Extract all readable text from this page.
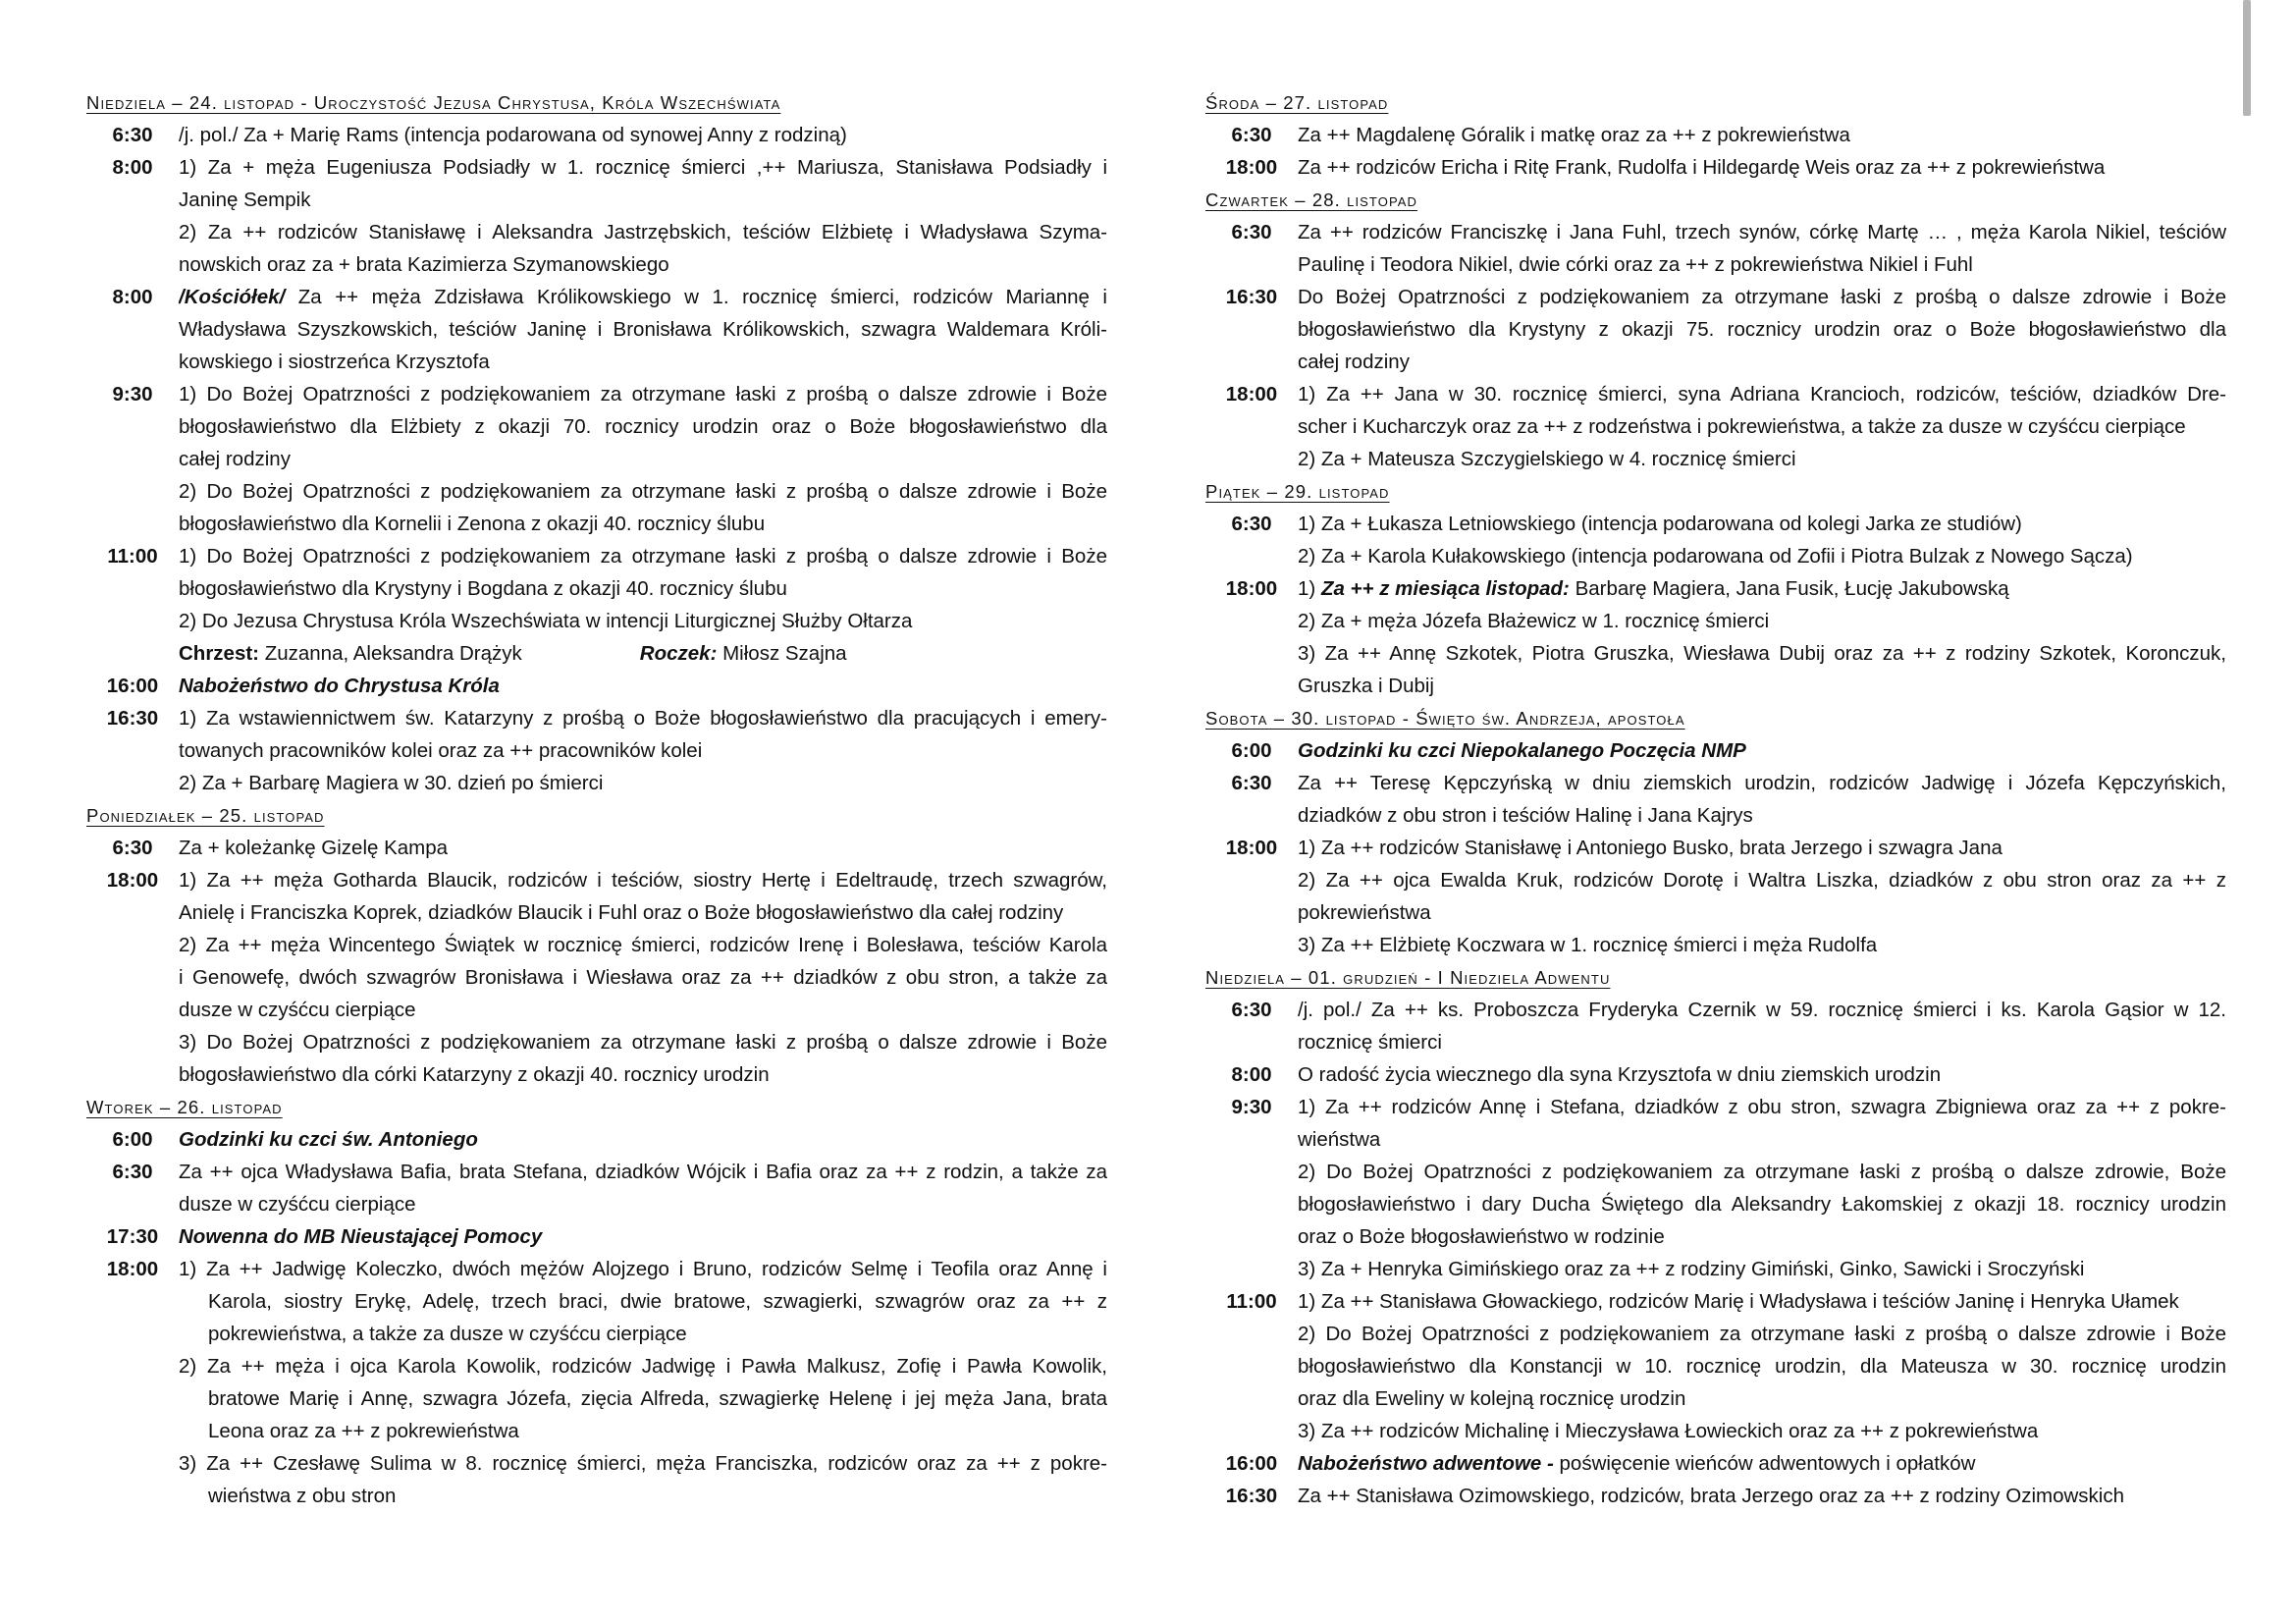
Niedziela – 24. listopad - Uroczystość Jezusa Chrystusa, Króla Wszechświata
6:30	/j. pol./ Za + Marię Rams (intencja podarowana od synowej Anny z rodziną)
8:00	1) Za + męża Eugeniusza Podsiadły w 1. rocznicę śmierci ,++ Mariusza, Stanisława Podsiadły i
Janinę Sempik
2) Za ++ rodziców Stanisławę i Aleksandra Jastrzębskich, teściów Elżbietę i Władysława Szyma-
nowskich oraz za + brata Kazimierza Szymanowskiego
8:00	/Kościółek/ Za ++ męża Zdzisława Królikowskiego w 1. rocznicę śmierci, rodziców Mariannę i
Władysława Szyszkowskich, teściów Janinę i Bronisława Królikowskich, szwagra Waldemara Króli-
kowskiego i siostrzeńca Krzysztofa
9:30	1) Do Bożej Opatrzności z podziękowaniem za otrzymane łaski z prośbą o dalsze zdrowie i Boże
błogosławieństwo dla Elżbiety z okazji 70. rocznicy urodzin oraz o Boże błogosławieństwo dla
całej rodziny
2) Do Bożej Opatrzności z podziękowaniem za otrzymane łaski z prośbą o dalsze zdrowie i Boże
błogosławieństwo dla Kornelii i Zenona z okazji 40. rocznicy ślubu
11:00	1) Do Bożej Opatrzności z podziękowaniem za otrzymane łaski z prośbą o dalsze zdrowie i Boże
błogosławieństwo dla Krystyny i Bogdana z okazji 40. rocznicy ślubu
2) Do Jezusa Chrystusa Króla Wszechświata w intencji Liturgicznej Służby Ołtarza
Chrzest: Zuzanna, Aleksandra Drążyk	Roczek: Miłosz Szajna
16:00	Nabożeństwo do Chrystusa Króla
16:30	1) Za wstawiennictwem św. Katarzyny z prośbą o Boże błogosławieństwo dla pracujących i emery-
towanych pracowników kolei oraz za ++ pracowników kolei
2) Za + Barbarę Magiera w 30. dzień po śmierci
Poniedziałek – 25. listopad
6:30	Za + koleżankę Gizelę Kampa
18:00	1) Za ++ męża Gotharda Blaucik, rodziców i teściów, siostry Hertę i Edeltraudę, trzech szwagrów,
Anielę i Franciszka Koprek, dziadków Blaucik i Fuhl oraz o Boże błogosławieństwo dla całej rodziny
2) Za ++ męża Wincentego Świątek w rocznicę śmierci, rodziców Irenę i Bolesława, teściów Karola
i Genowefę, dwóch szwagrów Bronisława i Wiesława oraz za ++ dziadków z obu stron, a także za
dusze w czyśćcu cierpiące
3) Do Bożej Opatrzności z podziękowaniem za otrzymane łaski z prośbą o dalsze zdrowie i Boże
błogosławieństwo dla córki Katarzyny z okazji 40. rocznicy urodzin
Wtorek – 26. listopad
6:00	Godzinki ku czci św. Antoniego
6:30	Za ++ ojca Władysława Bafia, brata Stefana, dziadków Wójcik i Bafia oraz za ++ z rodzin, a także za
dusze w czyśćcu cierpiące
17:30	Nowenna do MB Nieustającej Pomocy
18:00	1) Za ++ Jadwigę Koleczko, dwóch mężów Alojzego i Bruno, rodziców Selmę i Teofila oraz Annę i
Karola, siostry Erykę, Adelę, trzech braci, dwie bratowe, szwagierki, szwagrów oraz za ++ z
pokrewieństwa, a także za dusze w czyśćcu cierpiące
2) Za ++ męża i ojca Karola Kowolik, rodziców Jadwigę i Pawła Malkusz, Zofię i Pawła Kowolik,
bratowe Marię i Annę, szwagra Józefa, zięcia Alfreda, szwagierkę Helenę i jej męża Jana, brata
Leona oraz za ++ z pokrewieństwa
3) Za ++ Czesławę Sulima w 8. rocznicę śmierci, męża Franciszka, rodziców oraz za ++ z pokre-
wieństwa z obu stron
Środa – 27. listopad
6:30	Za ++ Magdalenę Góralik i matkę oraz za ++ z pokrewieństwa
18:00	Za ++ rodziców Ericha i Ritę Frank, Rudolfa i Hildegardę Weis oraz za ++ z pokrewieństwa
Czwartek – 28. listopad
6:30	Za ++ rodziców Franciszkę i Jana Fuhl, trzech synów, córkę Martę … , męża Karola Nikiel, teściów
Paulinę i Teodora Nikiel, dwie córki oraz za ++ z pokrewieństwa Nikiel i Fuhl
16:30	Do Bożej Opatrzności z podziękowaniem za otrzymane łaski z prośbą o dalsze zdrowie i Boże
błogosławieństwo dla Krystyny z okazji 75. rocznicy urodzin oraz o Boże błogosławieństwo dla
całej rodziny
18:00	1) Za ++ Jana w 30. rocznicę śmierci, syna Adriana Krancioch, rodziców, teściów, dziadków Dre-
scher i Kucharczyk oraz za ++ z rodzeństwa i pokrewieństwa, a także za dusze w czyśćcu cierpiące
2) Za + Mateusza Szczygielskiego w 4. rocznicę śmierci
Piątek – 29. listopad
6:30	1) Za + Łukasza Letniowskiego (intencja podarowana od kolegi Jarka ze studiów)
2) Za + Karola Kułakowskiego (intencja podarowana od Zofii i Piotra Bulzak z Nowego Sącza)
18:00	1) Za ++ z miesiąca listopad: Barbarę Magiera, Jana Fusik, Łucję Jakubowską
2) Za + męża Józefa Błażewicz w 1. rocznicę śmierci
3) Za ++ Annę Szkotek, Piotra Gruszka, Wiesława Dubij oraz za ++ z rodziny Szkotek, Koronczuk,
Gruszka i Dubij
Sobota – 30. listopad - Święto św. Andrzeja, apostoła
6:00	Godzinki ku czci Niepokalanego Poczęcia NMP
6:30	Za ++ Teresę Kępczyńską w dniu ziemskich urodzin, rodziców Jadwigę i Józefa Kępczyńskich,
dziadków z obu stron i teściów Halinę i Jana Kajrys
18:00	1) Za ++ rodziców Stanisławę i Antoniego Busko, brata Jerzego i szwagra Jana
2) Za ++ ojca Ewalda Kruk, rodziców Dorotę i Waltra Liszka, dziadków z obu stron oraz za ++ z
pokrewieństwa
3) Za ++ Elżbietę Koczwara w 1. rocznicę śmierci i męża Rudolfa
Niedziela – 01. grudzień - I Niedziela Adwentu
6:30	/j. pol./ Za ++ ks. Proboszcza Fryderyka Czernik w 59. rocznicę śmierci i ks. Karola Gąsior w 12.
rocznicę śmierci
8:00	O radość życia wiecznego dla syna Krzysztofa w dniu ziemskich urodzin
9:30	1) Za ++ rodziców Annę i Stefana, dziadków z obu stron, szwagra Zbigniewa oraz za ++ z pokre-
wieństwa
2) Do Bożej Opatrzności z podziękowaniem za otrzymane łaski z prośbą o dalsze zdrowie, Boże
błogosławieństwo i dary Ducha Świętego dla Aleksandry Łakomskiej z okazji 18. rocznicy urodzin
oraz o Boże błogosławieństwo w rodzinie
3) Za + Henryka Gimińskiego oraz za ++ z rodziny Gimiński, Ginko, Sawicki i Sroczyński
11:00	1) Za ++ Stanisława Głowackiego, rodziców Marię i Władysława i teściów Janinę i Henryka Ułamek
2) Do Bożej Opatrzności z podziękowaniem za otrzymane łaski z prośbą o dalsze zdrowie i Boże
błogosławieństwo dla Konstancji w 10. rocznicę urodzin, dla Mateusza w 30. rocznicę urodzin
oraz dla Eweliny w kolejną rocznicę urodzin
3) Za ++ rodziców Michalinę i Mieczysława Łowieckich oraz za ++ z pokrewieństwa
16:00	Nabożeństwo adwentowe - poświęcenie wieńców adwentowych i opłatków
16:30	Za ++ Stanisława Ozimowskiego, rodziców, brata Jerzego oraz za ++ z rodziny Ozimowskich
